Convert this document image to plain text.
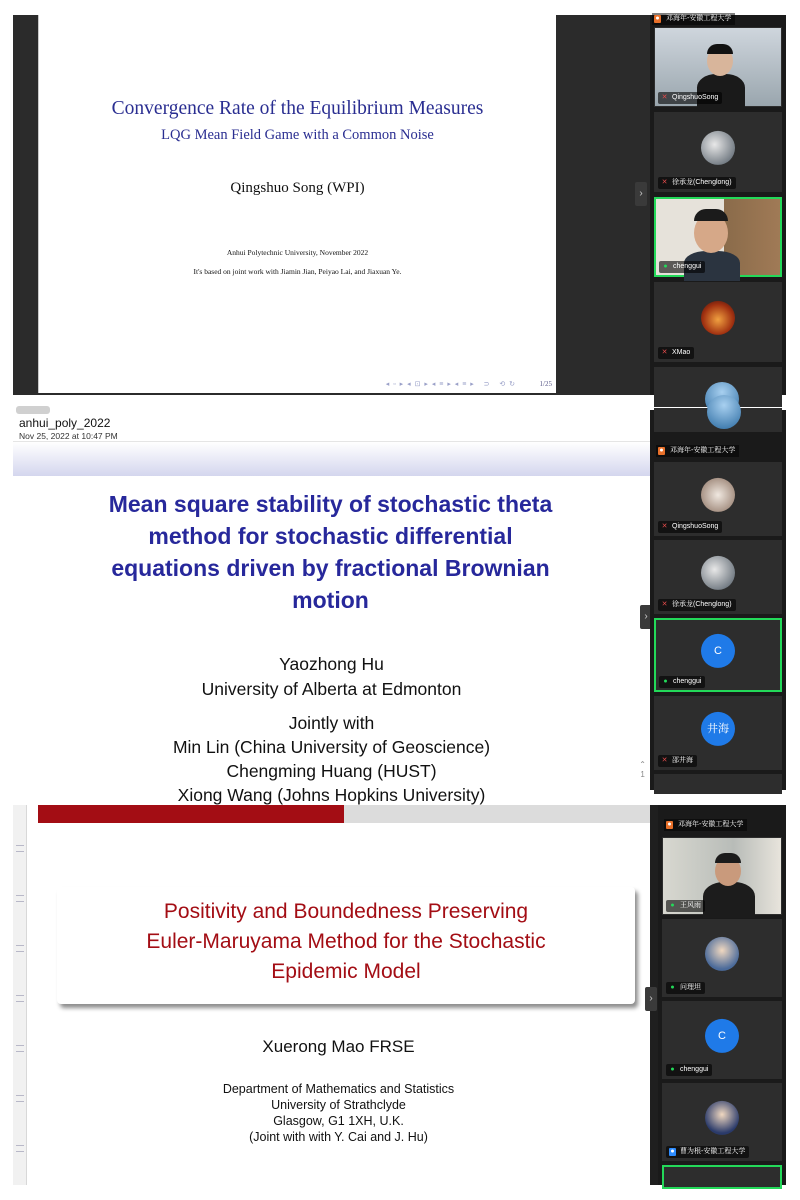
Convergence Rate of the Equilibrium Measures
LQG Mean Field Game with a Common Noise
Qingshuo Song (WPI)
Anhui Polytechnic University, November 2022
It's based on joint work with Jiamin Jian, Peiyao Lai, and Jiaxuan Ye.
◂ ▫ ▸ ◂ ⊡ ▸ ◂ ≡ ▸ ◂ ≡ ▸   ⊃   ⟲ ↻	1/25
›
● 邓海年-安徽工程大学
✕ QingshuoSong
✕ 徐承龙(Chenglong)
● chenggui
✕ XMao
anhui_poly_2022
Nov 25, 2022 at 10:47 PM
Mean square stability of stochastic theta
method for stochastic differential
equations driven by fractional Brownian
motion
Yaozhong Hu
University of Alberta at Edmonton
Jointly with
Min Lin (China University of Geoscience)
Chengming Huang (HUST)
Xiong Wang (Johns Hopkins University)
⌃
1
›
● 邓海年-安徽工程大学
✕ QingshuoSong
✕ 徐承龙(Chenglong)
C
● chenggui
井海
✕ 邵井海
Positivity and Boundedness Preserving
Euler-Maruyama Method for the Stochastic
Epidemic Model
Xuerong Mao FRSE
Department of Mathematics and Statistics
University of Strathclyde
Glasgow, G1 1XH, U.K.
(Joint with with Y. Cai and J. Hu)
›
● 邓海年-安徽工程大学
● 王风雨
● 问理坦
C
● chenggui
● 曹为根-安徽工程大学
